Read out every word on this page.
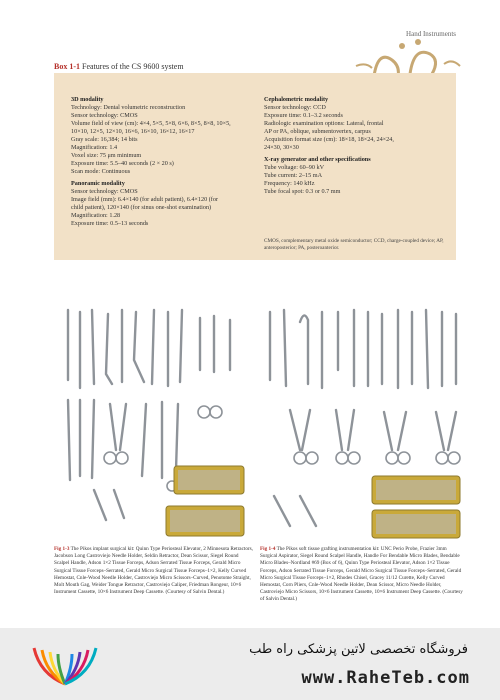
Hand Instruments
Box 1-1 Features of the CS 9600 system
3D modality
Technology: Dental volumetric reconstruction
Sensor technology: CMOS
Volume field of view (cm): 4×4, 5×5, 5×8, 6×6, 8×5, 8×8, 10×5,
10×10, 12×5, 12×10, 16×6, 16×10, 16×12, 16×17
Gray scale: 16,384; 14 bits
Magnification: 1.4
Voxel size: 75 μm minimum
Exposure time: 5.5–40 seconds (2 × 20 s)
Scan mode: Continuous
Panoramic modality
Sensor technology: CMOS
Image field (mm): 6.4×140 (for adult patient), 6.4×120 (for
child patient), 120×140 (for sinus one-shot examination)
Magnification: 1.28
Exposure time: 0.5–13 seconds
Cephalometric modality
Sensor technology: CCD
Exposure time: 0.1–3.2 seconds
Radiologic examination options: Lateral, frontal
AP or PA, oblique, submentovertex, carpus
Acquisition format size (cm): 18×18, 18×24, 24×24,
24×30, 30×30
X-ray generator and other specifications
Tube voltage: 60–90 kV
Tube current: 2–15 mA
Frequency: 140 kHz
Tube focal spot: 0.3 or 0.7 mm
CMOS, complementary metal oxide semiconductor; CCD, charge-coupled device; AP, anteroposterior; PA, posteroanterior.
Fig 1-3 The Pikos implant surgical kit: Quinn Type Periosteal Elevator, 2 Minnesota Retractors, Jacobson Long Castroviejo Needle Holder, Seldin Retractor, Dean Scissor, Siegel Round Scalpel Handle, Adson 1×2 Tissue Forceps, Adson Serrated Tissue Forceps, Gerald Micro Surgical Tissue Forceps–Serrated, Gerald Micro Surgical Tissue Forceps–1×2, Kelly Curved Hemostat, Cnle-Wood Needle Holder, Castroviejo Micro Scissors–Curved, Penotome Straight, Molt Mouth Gag, Weider Tongue Retractor, Castroviejo Caliper, Friedman Rongeur, 10×6 Instrument Cassette, 10×6 Instrument Deep Cassette. (Courtesy of Salvin Dental.)
Fig 1-4 The Pikos soft tissue grafting instrumentation kit: UNC Perio Probe, Frazier 3mm Surgical Aspirator, Siegel Round Scalpel Handle, Handle For Bendable Micro Blades, Bendable Micro Blades–Nordland #69 (Box of 6), Quinn Type Periosteal Elevator, Adson 1×2 Tissue Forceps, Adson Serrated Tissue Forceps, Gerald Micro Surgical Tissue Forceps–Serrated, Gerald Micro Surgical Tissue Forceps–1×2, Rhodes Chisel, Gracey 11/12 Curette, Kelly Curved Hemostat, Corn Pliers, Cnle-Wood Needle Holder, Dean Scissor, Micro Needle Holder, Castroviejo Micro Scissors, 10×6 Instrument Cassette, 10×6 Instrument Deep Cassette. (Courtesy of Salvin Dental.)
فروشگاه تخصصی لاتین پزشکی راه طب
www.RaheTeb.com
